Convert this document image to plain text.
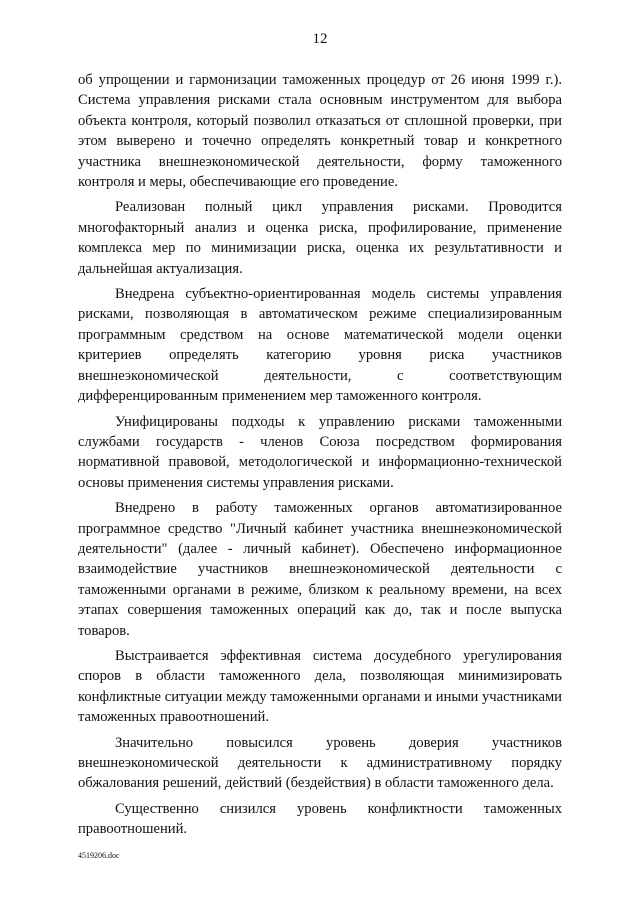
12

об упрощении и гармонизации таможенных процедур от 26 июня 1999 г.). Система управления рисками стала основным инструментом для выбора объекта контроля, который позволил отказаться от сплошной проверки, при этом выверено и точечно определять конкретный товар и конкретного участника внешнеэкономической деятельности, форму таможенного контроля и меры, обеспечивающие его проведение.

Реализован полный цикл управления рисками. Проводится многофакторный анализ и оценка риска, профилирование, применение комплекса мер по минимизации риска, оценка их результативности и дальнейшая актуализация.

Внедрена субъектно-ориентированная модель системы управления рисками, позволяющая в автоматическом режиме специализированным программным средством на основе математической модели оценки критериев определять категорию уровня риска участников внешнеэкономической деятельности, с соответствующим дифференцированным применением мер таможенного контроля.

Унифицированы подходы к управлению рисками таможенными службами государств - членов Союза посредством формирования нормативной правовой, методологической и информационно-технической основы применения системы управления рисками.

Внедрено в работу таможенных органов автоматизированное программное средство "Личный кабинет участника внешнеэкономической деятельности" (далее - личный кабинет). Обеспечено информационное взаимодействие участников внешнеэкономической деятельности с таможенными органами в режиме, близком к реальному времени, на всех этапах совершения таможенных операций как до, так и после выпуска товаров.

Выстраивается эффективная система досудебного урегулирования споров в области таможенного дела, позволяющая минимизировать конфликтные ситуации между таможенными органами и иными участниками таможенных правоотношений.

Значительно повысился уровень доверия участников внешнеэкономической деятельности к административному порядку обжалования решений, действий (бездействия) в области таможенного дела.

Существенно снизился уровень конфликтности таможенных правоотношений.

4519206.doc
